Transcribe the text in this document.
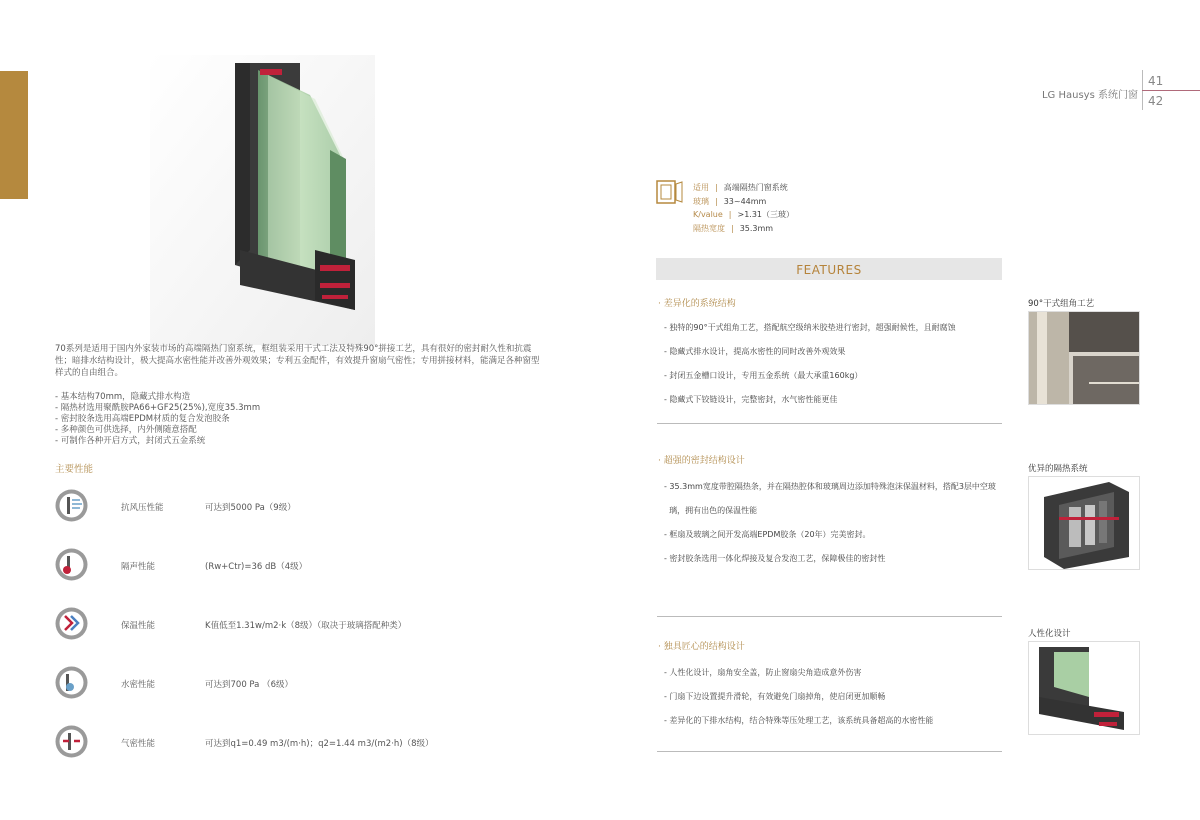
LG Hausys 系统门窗
41
42
70系列是适用于国内外家装市场的高端隔热门窗系统，框组装采用干式工法及特殊90°拼接工艺，具有很好的密封耐久性和抗震性；暗排水结构设计，极大提高水密性能并改善外观效果；专利五金配件，有效提升窗扇气密性；专用拼接材料，能满足各种窗型样式的自由组合。
- 基本结构70mm，隐藏式排水构造
- 隔热材选用聚酰胺PA66+GF25(25%),宽度35.3mm
- 密封胶条选用高端EPDM材质的复合发泡胶条
- 多种颜色可供选择，内外侧随意搭配
- 可制作各种开启方式，封闭式五金系统
主要性能
抗风压性能	可达到5000 Pa（9级）
隔声性能	(Rw+Ctr)=36 dB（4级）
保温性能	K值低至1.31w/m2·k（8级）（取决于玻璃搭配种类）
水密性能	可达到700 Pa （6级）
气密性能	可达到q1=0.49 m3/(m·h)；q2=1.44 m3/(m2·h)（8级）
适用 | 高端隔热门窗系统
玻璃 | 33~44mm
K/value | >1.31（三玻）
隔热宽度 | 35.3mm
FEATURES
· 差异化的系统结构
- 独特的90°干式组角工艺，搭配航空级纳米胶垫进行密封，超强耐候性，且耐腐蚀
- 隐藏式排水设计，提高水密性的同时改善外观效果
- 封闭五金槽口设计，专用五金系统（最大承重160kg）
- 隐藏式下铰链设计，完整密封，水气密性能更佳
· 超强的密封结构设计
- 35.3mm宽度带腔隔热条，并在隔热腔体和玻璃周边添加特殊泡沫保温材料，搭配3层中空玻
璃，拥有出色的保温性能
- 框扇及玻璃之间开发高端EPDM胶条（20年）完美密封。
- 密封胶条选用一体化焊接及复合发泡工艺，保障极佳的密封性
· 独具匠心的结构设计
- 人性化设计，扇角安全盖，防止窗扇尖角造成意外伤害
- 门扇下边设置提升滑轮，有效避免门扇掉角，使启闭更加顺畅
- 差异化的下排水结构，结合特殊等压处理工艺，该系统具备超高的水密性能
90°干式组角工艺
优异的隔热系统
人性化设计
